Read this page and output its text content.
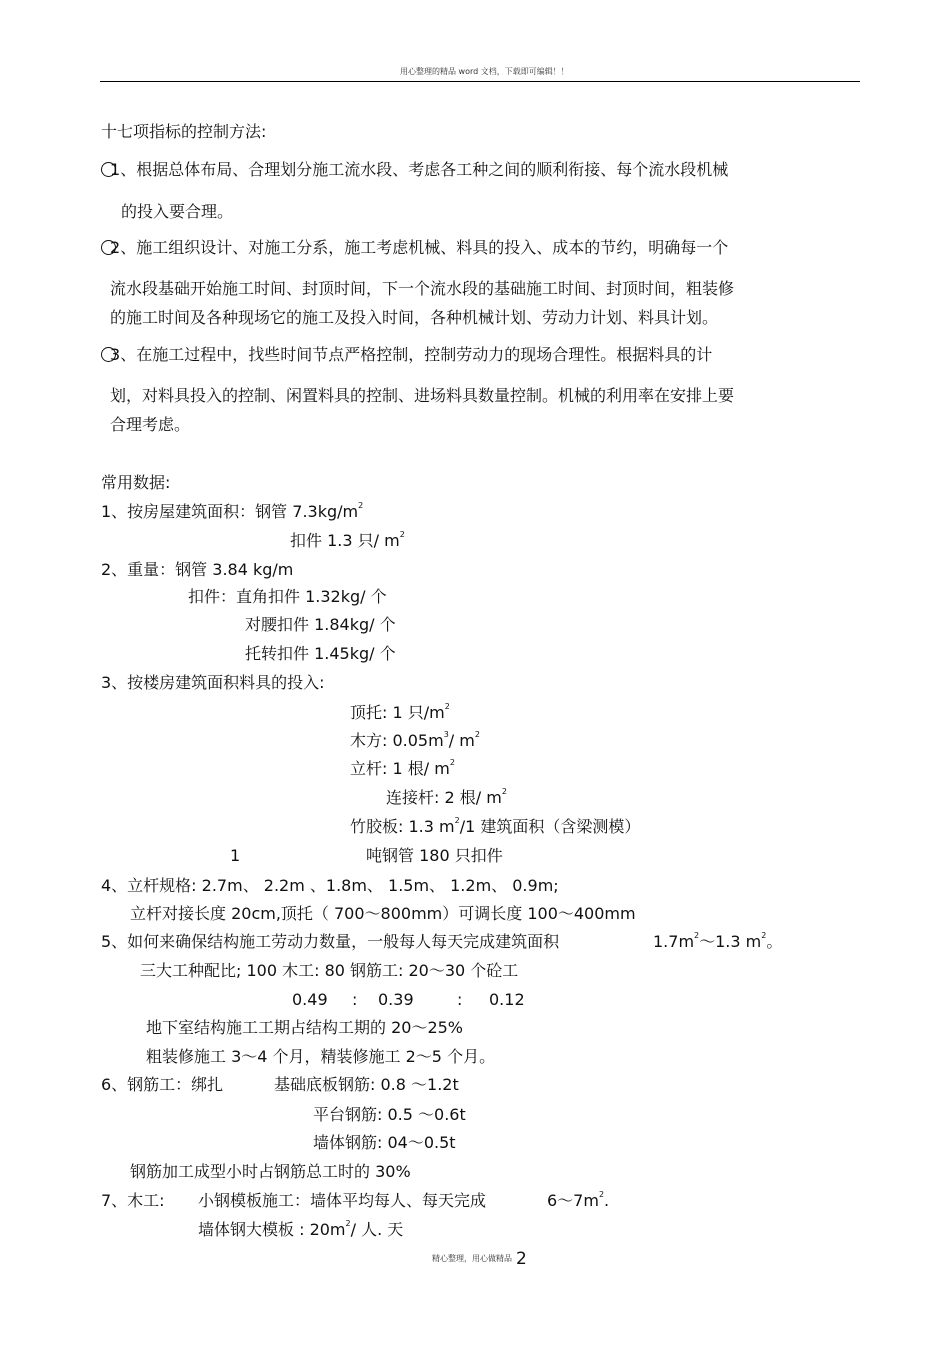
用心整理的精品 word 文档，下载即可编辑！！
十七项指标的控制方法:
1、根据总体布局、合理划分施工流水段、考虑各工种之间的顺利衔接、每个流水段机械
的投入要合理。
2、施工组织设计、对施工分系，施工考虑机械、料具的投入、成本的节约，明确每一个
流水段基础开始施工时间、封顶时间，下一个流水段的基础施工时间、封顶时间，粗装修
的施工时间及各种现场它的施工及投入时间，各种机械计划、劳动力计划、料具计划。
3、在施工过程中，找些时间节点严格控制，控制劳动力的现场合理性。根据料具的计
划，对料具投入的控制、闲置料具的控制、进场料具数量控制。机械的利用率在安排上要
合理考虑。
常用数据:
1、按房屋建筑面积：钢管 $7.3kg/m^2$
扣件 1.3 只/ $m^2$
2、重量：钢管 3.84 kg/m
扣件：直角扣件 1.32kg/ 个
对腰扣件 1.84kg/ 个
托转扣件 1.45kg/ 个
3、按楼房建筑面积料具的投入:
顶托: 1 只$/m^2$
木方: $0.05m^3/$ $m^2$
立杆: 1 根/ $m^2$
连接杆: 2 根/ $m^2$
竹胶板: 1.3 $m^2/1$ 建筑面积（含梁测模）
1	吨钢管 180 只扣件
4、立杆规格: 2.7m、 2.2m 、1.8m、 1.5m、 1.2m、 0.9m;
立杆对接长度 20cm,顶托（ 700～800mm）可调长度 100～400mm
5、如何来确保结构施工劳动力数量，一般每人每天完成建筑面积	$1.7m^2\sim 1.3$ $m^2$。
三大工种配比; 100 木工: 80 钢筋工: 20～30 个砼工
0.49 : 0.39	: 0.12
地下室结构施工工期占结构工期的 20～25%
粗装修施工 3～4 个月，精装修施工 2～5 个月。
6、钢筋工：绑扎	基础底板钢筋: 0.8 ～1.2t
平台钢筋: 0.5 ～0.6t
墙体钢筋: 04～0.5t
钢筋加工成型小时占钢筋总工时的 30%
7、木工: 小钢模板施工：墙体平均每人、每天完成	$6\sim 7m^2$.
墙体钢大模板 : $20m^2/$ 人. 天
精心整理，用心做精品 2
